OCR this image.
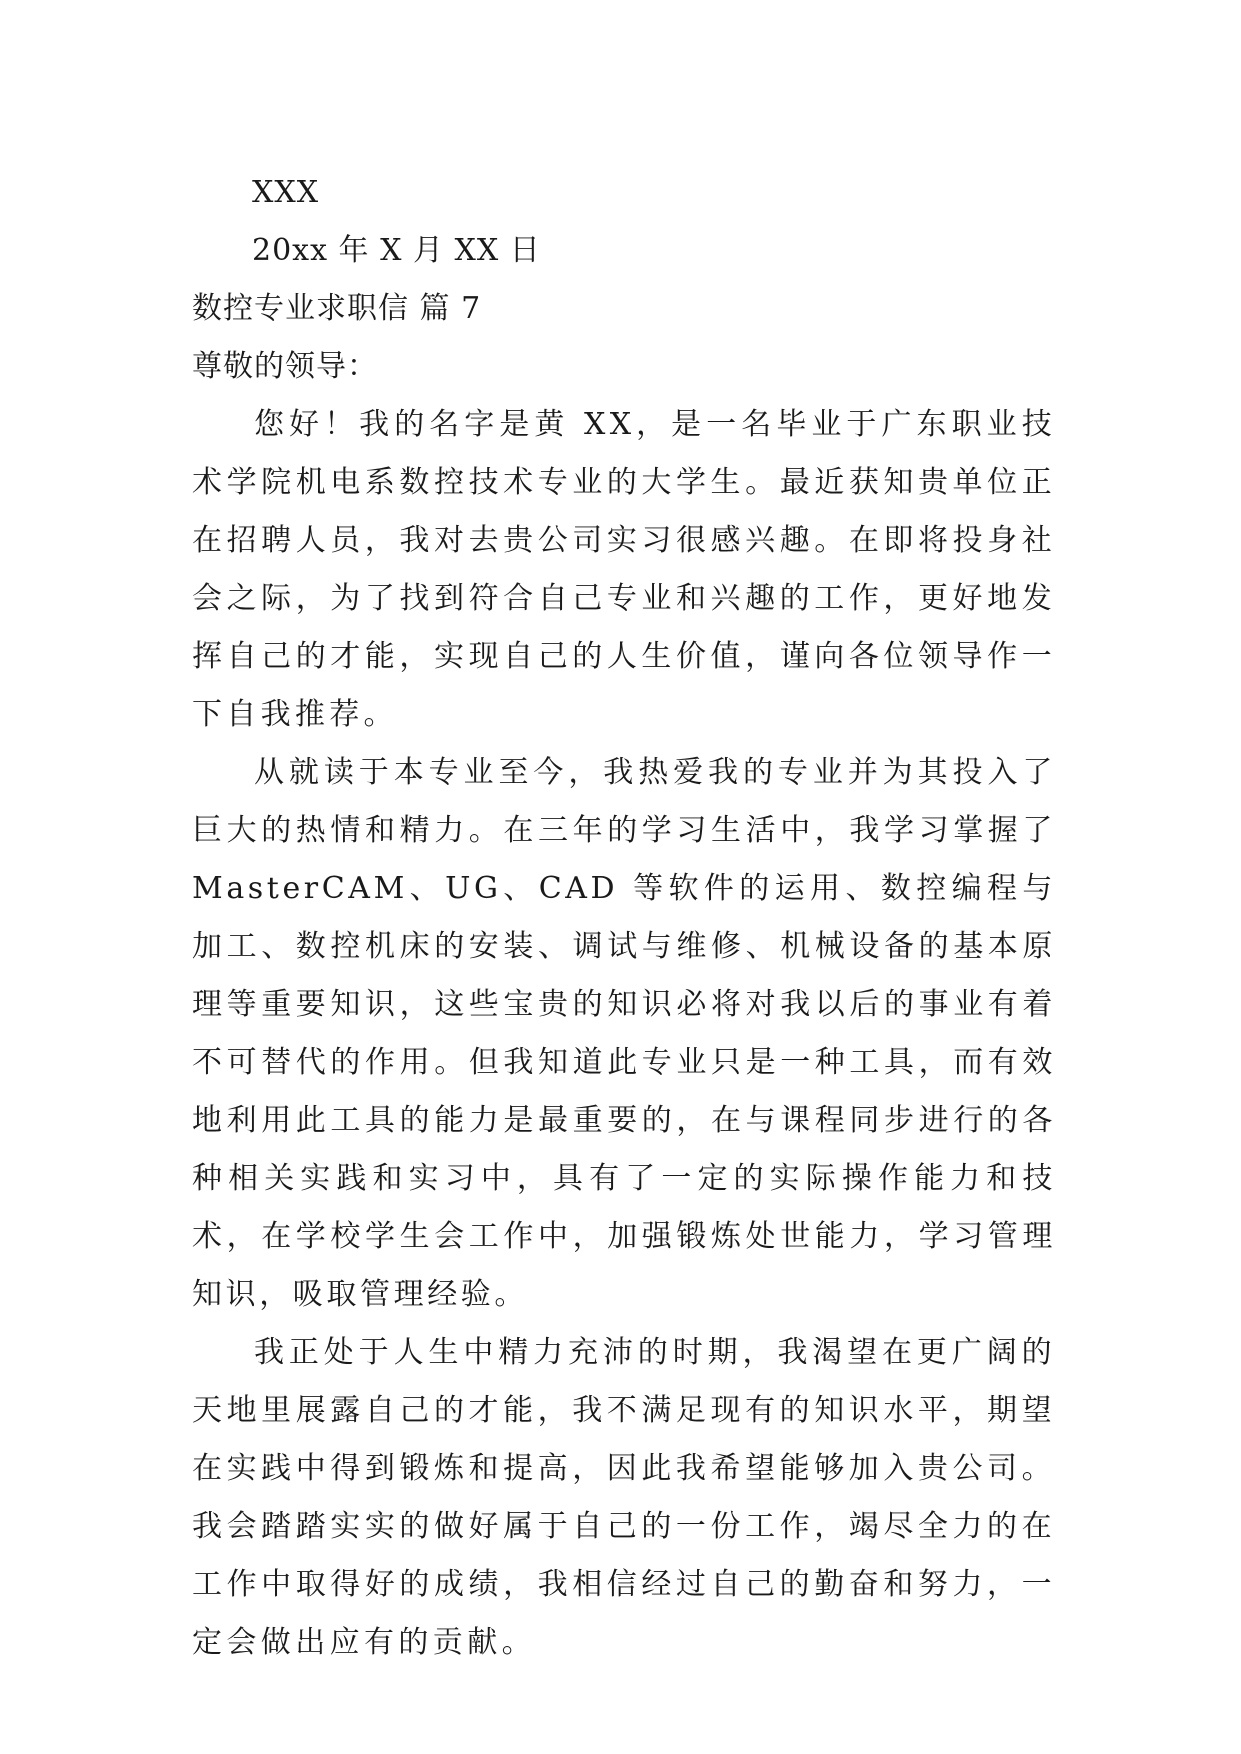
XXX
20xx 年 X 月 XX 日
数控专业求职信 篇 7
尊敬的领导：

您好！我的名字是黄 XX，是一名毕业于广东职业技术学院机电系数控技术专业的大学生。最近获知贵单位正在招聘人员，我对去贵公司实习很感兴趣。在即将投身社会之际，为了找到符合自己专业和兴趣的工作，更好地发挥自己的才能，实现自己的人生价值，谨向各位领导作一下自我推荐。

从就读于本专业至今，我热爱我的专业并为其投入了巨大的热情和精力。在三年的学习生活中，我学习掌握了 MasterCAM、UG、CAD 等软件的运用、数控编程与加工、数控机床的安装、调试与维修、机械设备的基本原理等重要知识，这些宝贵的知识必将对我以后的事业有着不可替代的作用。但我知道此专业只是一种工具，而有效地利用此工具的能力是最重要的，在与课程同步进行的各种相关实践和实习中，具有了一定的实际操作能力和技术，在学校学生会工作中，加强锻炼处世能力，学习管理知识，吸取管理经验。

我正处于人生中精力充沛的时期，我渴望在更广阔的天地里展露自己的才能，我不满足现有的知识水平，期望在实践中得到锻炼和提高，因此我希望能够加入贵公司。我会踏踏实实的做好属于自己的一份工作，竭尽全力的在工作中取得好的成绩，我相信经过自己的勤奋和努力，一定会做出应有的贡献。
